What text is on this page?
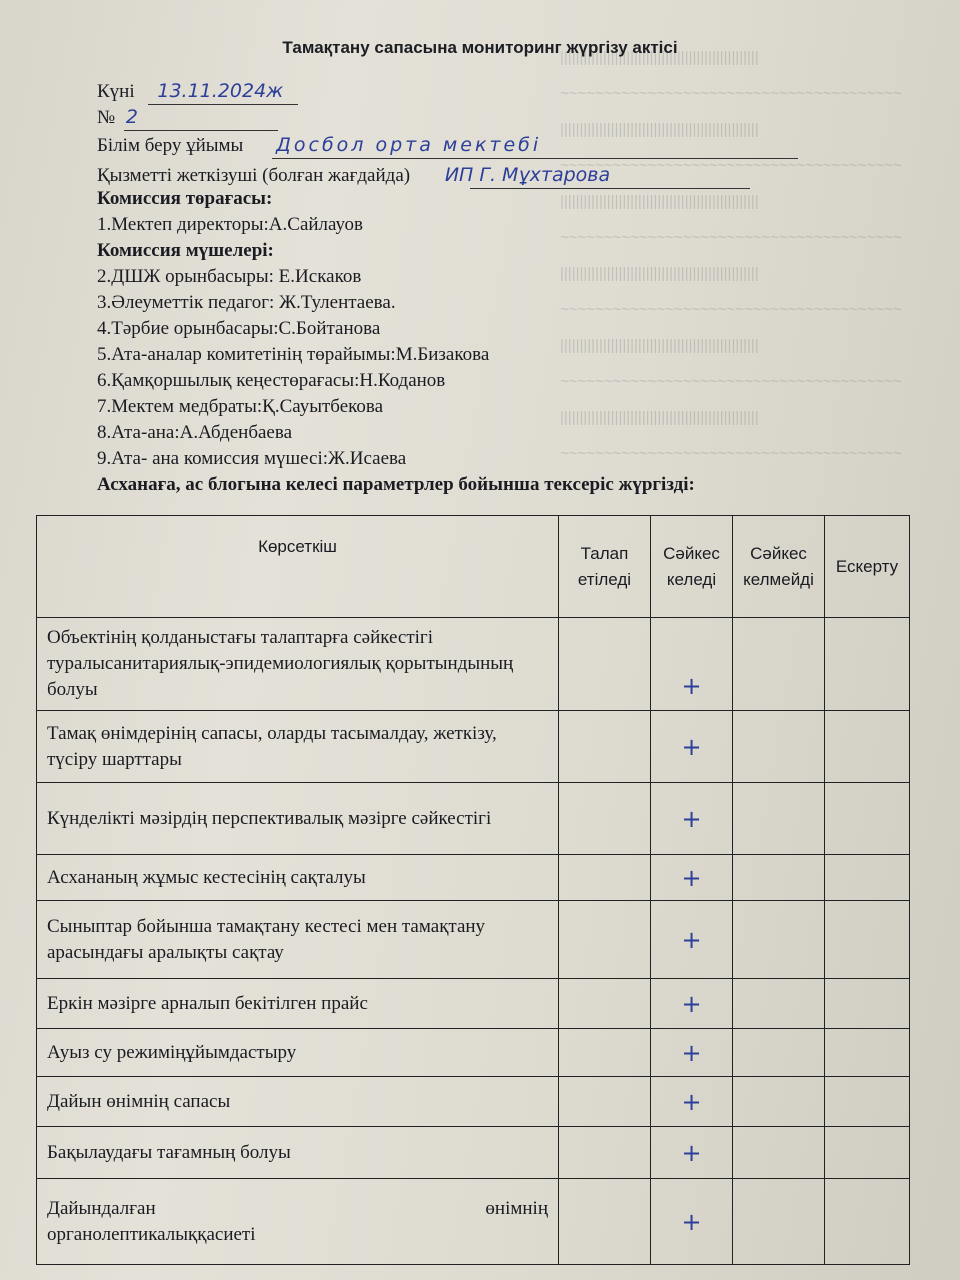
|||||||||||||||||||||||||||||||||||||||||||||||||||
~~~~~~~~~~~~~~~~~~~~~~~~~~~~~~~~~~~~~~~
|||||||||||||||||||||||||||||||||||||||||||||||||||
~~~~~~~~~~~~~~~~~~~~~~~~~~~~~~~~~~~~~~~
|||||||||||||||||||||||||||||||||||||||||||||||||||
~~~~~~~~~~~~~~~~~~~~~~~~~~~~~~~~~~~~~~~
|||||||||||||||||||||||||||||||||||||||||||||||||||
~~~~~~~~~~~~~~~~~~~~~~~~~~~~~~~~~~~~~~~
|||||||||||||||||||||||||||||||||||||||||||||||||||
~~~~~~~~~~~~~~~~~~~~~~~~~~~~~~~~~~~~~~~
|||||||||||||||||||||||||||||||||||||||||||||||||||
~~~~~~~~~~~~~~~~~~~~~~~~~~~~~~~~~~~~~~~
Тамақтану сапасына мониторинг жүргізу актісі
Күні 13.11.2024ж
№ 2
Білім беру ұйымы Досбол орта мектебі
Қызметті жеткізуші (болған жағдайда) ИП Г. Мұхтарова
Комиссия төрағасы:
1.Мектеп директоры:А.Сайлауов
Комиссия мүшелері:
2.ДШЖ орынбасыры: Е.Искаков
3.Әлеуметтік педагог: Ж.Тулентаева.
4.Тәрбие орынбасары:С.Бойтанова
5.Ата-аналар комитетінің төрайымы:М.Бизакова
6.Қамқоршылық кеңестөрағасы:Н.Коданов
7.Мектем медбраты:Қ.Сауытбекова
8.Ата-ана:А.Абденбаева
9.Ата- ана комиссия мүшесі:Ж.Исаева
Асханаға, ас блогына келесі параметрлер бойынша тексеріс жүргізді:
Көрсеткіш	Талап етіледі	Сәйкес келеді	Сәйкес келмейді	Ескерту
Объектінің қолданыстағы талаптарға сәйкестігі туралысанитариялық-эпидемиологиялық қорытындының болуы		+		
Тамақ өнімдерінің сапасы, оларды тасымалдау, жеткізу, түсіру шарттары		+		
Күнделікті мәзірдің перспективалық мәзірге сәйкестігі		+		
Асхананың жұмыс кестесінің сақталуы		+		
Сыныптар бойынша тамақтану кестесі мен тамақтану арасындағы аралықты сақтау		+		
Еркін мәзірге арналып бекітілген прайс		+		
Ауыз су режиміңұйымдастыру		+		
Дайын өнімнің сапасы		+		
Бақылаудағы тағамның болуы		+		

Дайындалған өнімнің
органолептикалыққасиеті		+		
